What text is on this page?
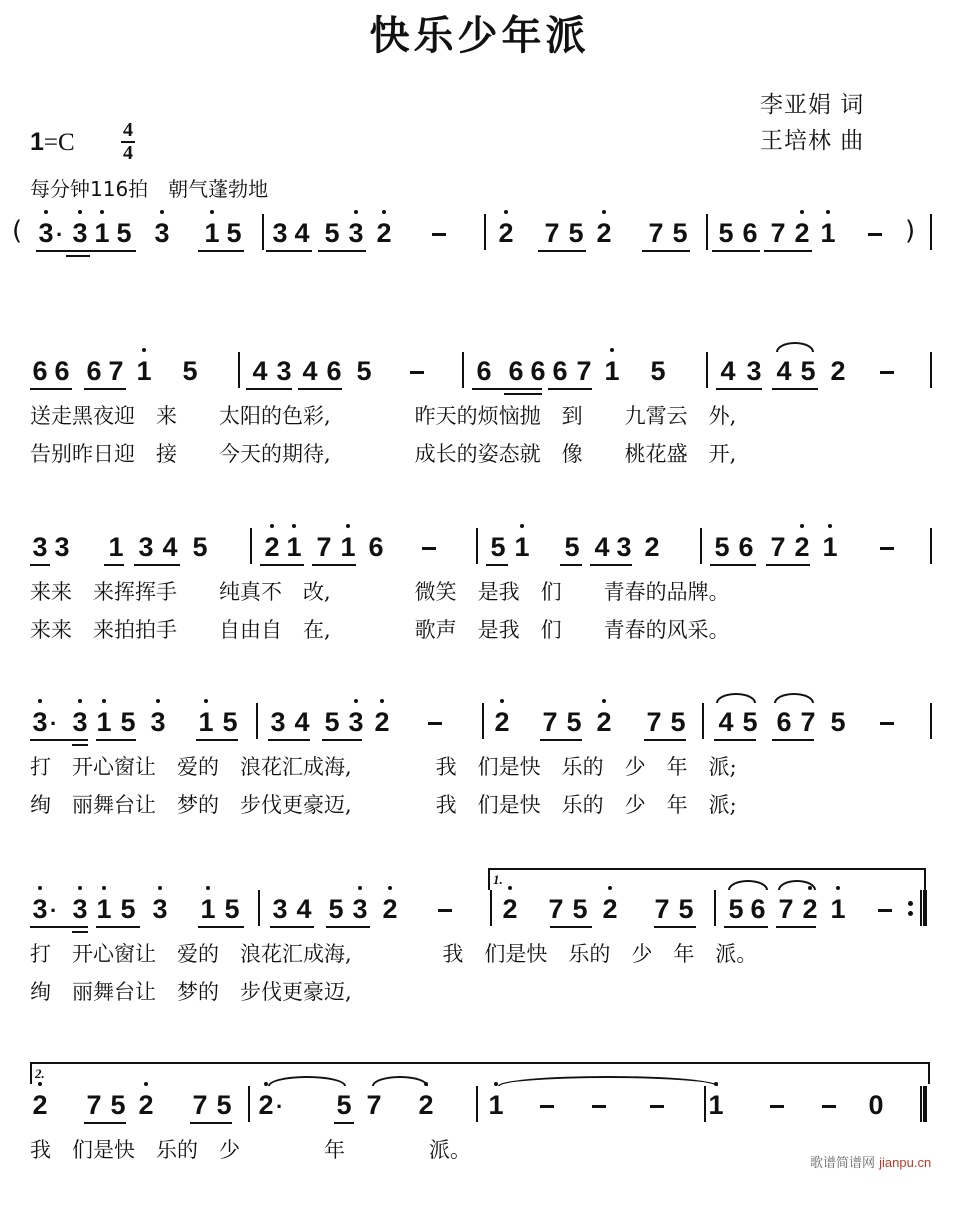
快乐少年派
李亚娟 词
王培林 曲
1=C 4
4
每分钟116拍　朝气蓬勃地
(	)
3 3 1 5 3 1 5 3 4 5 3 2	2 7 5 2 7 5 5 6 7 2 1
·
6 6 6 7 1 5 4 3 4 6 5	6 6 6 6 7 1 5 4 3 4 5 2
送走黑夜迎　来　　太阳的色彩,　　　　昨天的烦恼抛　到　　九霄云　外,
告别昨日迎　接　　今天的期待,　　　　成长的姿态就　像　　桃花盛　开,
3 3 1 3 4 5 2 1 7 1 6	5 1 5 4 3 2 5 6 7 2 1
来来　来挥挥手　　纯真不　改,　　　　微笑　是我　们　　青春的品牌。
来来　来拍拍手　　自由自　在,　　　　歌声　是我　们　　青春的风采。
3 3 1 5 3 1 5 3 4 5 3 2	2 7 5 2 7 5 4 5 6 7 5
·
打　开心窗让　爱的　浪花汇成海,　　　　我　们是快　乐的　少　年　派;
绚　丽舞台让　梦的　步伐更豪迈,　　　　我　们是快　乐的　少　年　派;
3 3 1 5 3 1 5 3 4 5 3 2	2 7 5 2 7 5 5 6 7 2 1
·
1.
打　开心窗让　爱的　浪花汇成海,　　　　 我　们是快　乐的　少　年　派。
绚　丽舞台让　梦的　步伐更豪迈,
2 7 5 2 7 5 2 5 7 2 1	1	0
·
2.
我　们是快　乐的　少　　　　年　　　　派。
歌谱简谱网 jianpu.cn
